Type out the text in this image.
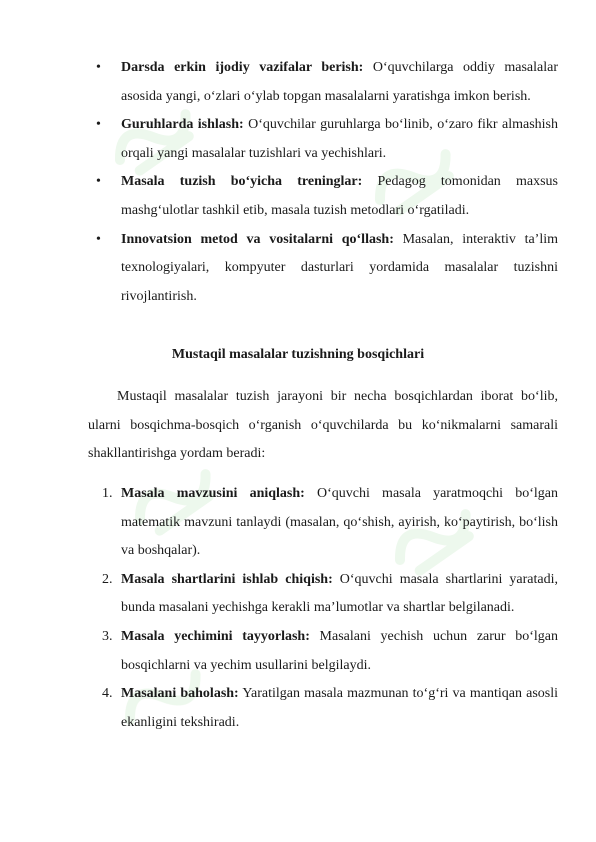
• Darsda erkin ijodiy vazifalar berish: O‘quvchilarga oddiy masalalar asosida yangi, o‘zlari o‘ylab topgan masalalarni yaratishga imkon berish.
• Guruhlarda ishlash: O‘quvchilar guruhlarga bo‘linib, o‘zaro fikr almashish orqali yangi masalalar tuzishlari va yechishlari.
• Masala tuzish bo‘yicha treninglar: Pedagog tomonidan maxsus mashg‘ulotlar tashkil etib, masala tuzish metodlari o‘rgatiladi.
• Innovatsion metod va vositalarni qo‘llash: Masalan, interaktiv ta’lim texnologiyalari, kompyuter dasturlari yordamida masalalar tuzishni rivojlantirish.
Mustaqil masalalar tuzishning bosqichlari
Mustaqil masalalar tuzish jarayoni bir necha bosqichlardan iborat bo‘lib, ularni bosqichma-bosqich o‘rganish o‘quvchilarda bu ko‘nikmalarni samarali shakllantirishga yordam beradi:
1. Masala mavzusini aniqlash: O‘quvchi masala yaratmoqchi bo‘lgan matematik mavzuni tanlaydi (masalan, qo‘shish, ayirish, ko‘paytirish, bo‘lish va boshqalar).
2. Masala shartlarini ishlab chiqish: O‘quvchi masala shartlarini yaratadi, bunda masalani yechishga kerakli ma’lumotlar va shartlar belgilanadi.
3. Masala yechimini tayyorlash: Masalani yechish uchun zarur bo‘lgan bosqichlarni va yechim usullarini belgilaydi.
4. Masalani baholash: Yaratilgan masala mazmunan to‘g‘ri va mantiqan asosli ekanligini tekshiradi.
